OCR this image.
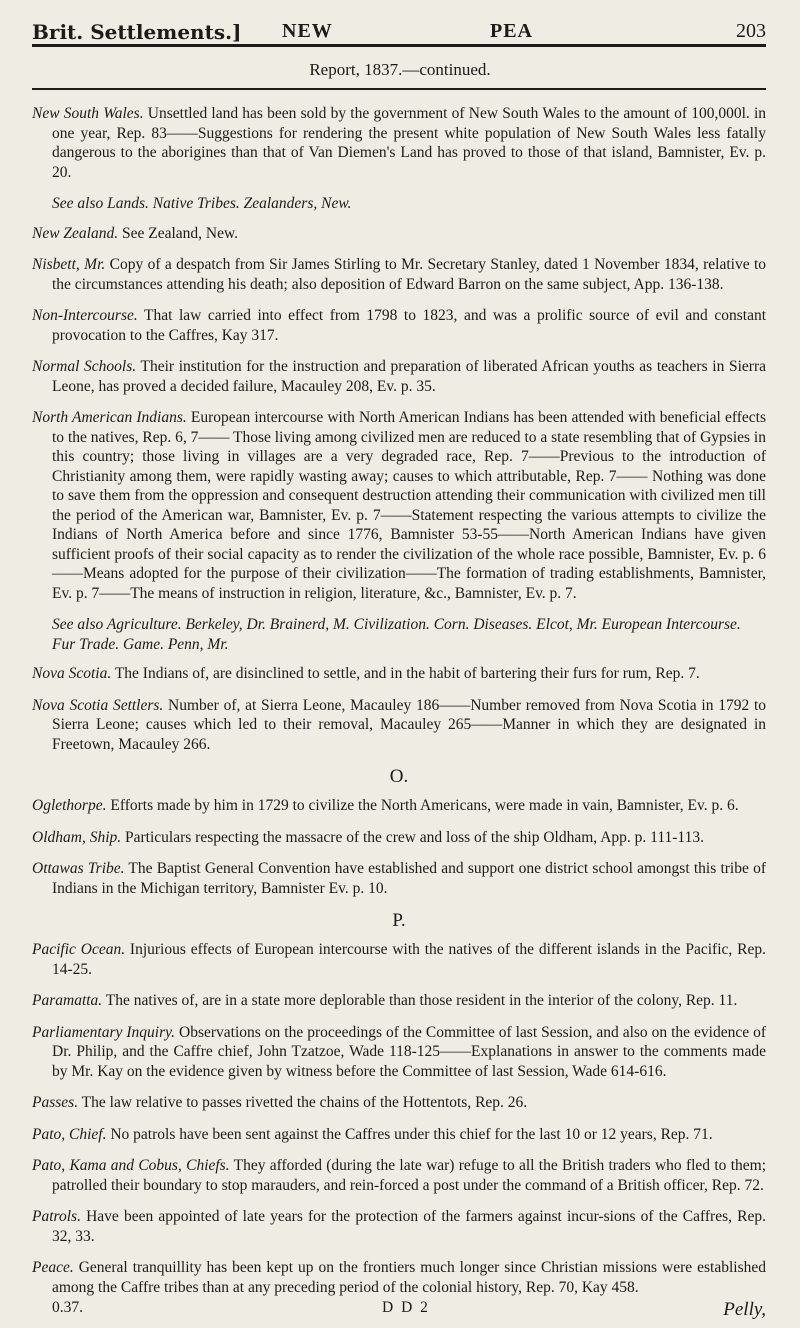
Brit. Settlements.] NEW	PEA	203
Report, 1837.—continued.
New South Wales. Unsettled land has been sold by the government of New South Wales to the amount of 100,000l. in one year, Rep. 83——Suggestions for rendering the present white population of New South Wales less fatally dangerous to the aborigines than that of Van Diemen's Land has proved to those of that island, Bamnister, Ev. p. 20.
See also Lands. Native Tribes. Zealanders, New.
New Zealand. See Zealand, New.
Nisbett, Mr. Copy of a despatch from Sir James Stirling to Mr. Secretary Stanley, dated 1 November 1834, relative to the circumstances attending his death; also deposition of Edward Barron on the same subject, App. 136-138.
Non-Intercourse. That law carried into effect from 1798 to 1823, and was a prolific source of evil and constant provocation to the Caffres, Kay 317.
Normal Schools. Their institution for the instruction and preparation of liberated African youths as teachers in Sierra Leone, has proved a decided failure, Macauley 208, Ev. p. 35.
North American Indians. European intercourse with North American Indians has been attended with beneficial effects to the natives, Rep. 6, 7—— Those living among civilized men are reduced to a state resembling that of Gypsies in this country; those living in villages are a very degraded race, Rep. 7——Previous to the introduction of Christianity among them, were rapidly wasting away; causes to which attributable, Rep. 7—— Nothing was done to save them from the oppression and consequent destruction attending their communication with civilized men till the period of the American war, Bamnister, Ev. p. 7——Statement respecting the various attempts to civilize the Indians of North America before and since 1776, Bamnister 53-55——North American Indians have given sufficient proofs of their social capacity as to render the civilization of the whole race possible, Bamnister, Ev. p. 6——Means adopted for the purpose of their civilization——The formation of trading establishments, Bamnister, Ev. p. 7——The means of instruction in religion, literature, &c., Bamnister, Ev. p. 7.
See also Agriculture. Berkeley, Dr. Brainerd, M. Civilization. Corn. Diseases. Elcot, Mr. European Intercourse. Fur Trade. Game. Penn, Mr.
Nova Scotia. The Indians of, are disinclined to settle, and in the habit of bartering their furs for rum, Rep. 7.
Nova Scotia Settlers. Number of, at Sierra Leone, Macauley 186——Number removed from Nova Scotia in 1792 to Sierra Leone; causes which led to their removal, Macauley 265——Manner in which they are designated in Freetown, Macauley 266.
O.
Oglethorpe. Efforts made by him in 1729 to civilize the North Americans, were made in vain, Bamnister, Ev. p. 6.
Oldham, Ship. Particulars respecting the massacre of the crew and loss of the ship Oldham, App. p. 111-113.
Ottawas Tribe. The Baptist General Convention have established and support one district school amongst this tribe of Indians in the Michigan territory, Bamnister Ev. p. 10.
P.
Pacific Ocean. Injurious effects of European intercourse with the natives of the different islands in the Pacific, Rep. 14-25.
Paramatta. The natives of, are in a state more deplorable than those resident in the interior of the colony, Rep. 11.
Parliamentary Inquiry. Observations on the proceedings of the Committee of last Session, and also on the evidence of Dr. Philip, and the Caffre chief, John Tzatzoe, Wade 118-125——Explanations in answer to the comments made by Mr. Kay on the evidence given by witness before the Committee of last Session, Wade 614-616.
Passes. The law relative to passes rivetted the chains of the Hottentots, Rep. 26.
Pato, Chief. No patrols have been sent against the Caffres under this chief for the last 10 or 12 years, Rep. 71.
Pato, Kama and Cobus, Chiefs. They afforded (during the late war) refuge to all the British traders who fled to them; patrolled their boundary to stop marauders, and rein-forced a post under the command of a British officer, Rep. 72.
Patrols. Have been appointed of late years for the protection of the farmers against incur-sions of the Caffres, Rep. 32, 33.
Peace. General tranquillity has been kept up on the frontiers much longer since Christian missions were established among the Caffre tribes than at any preceding period of the colonial history, Rep. 70, Kay 458.
0.37.	D D 2	Pelly,
